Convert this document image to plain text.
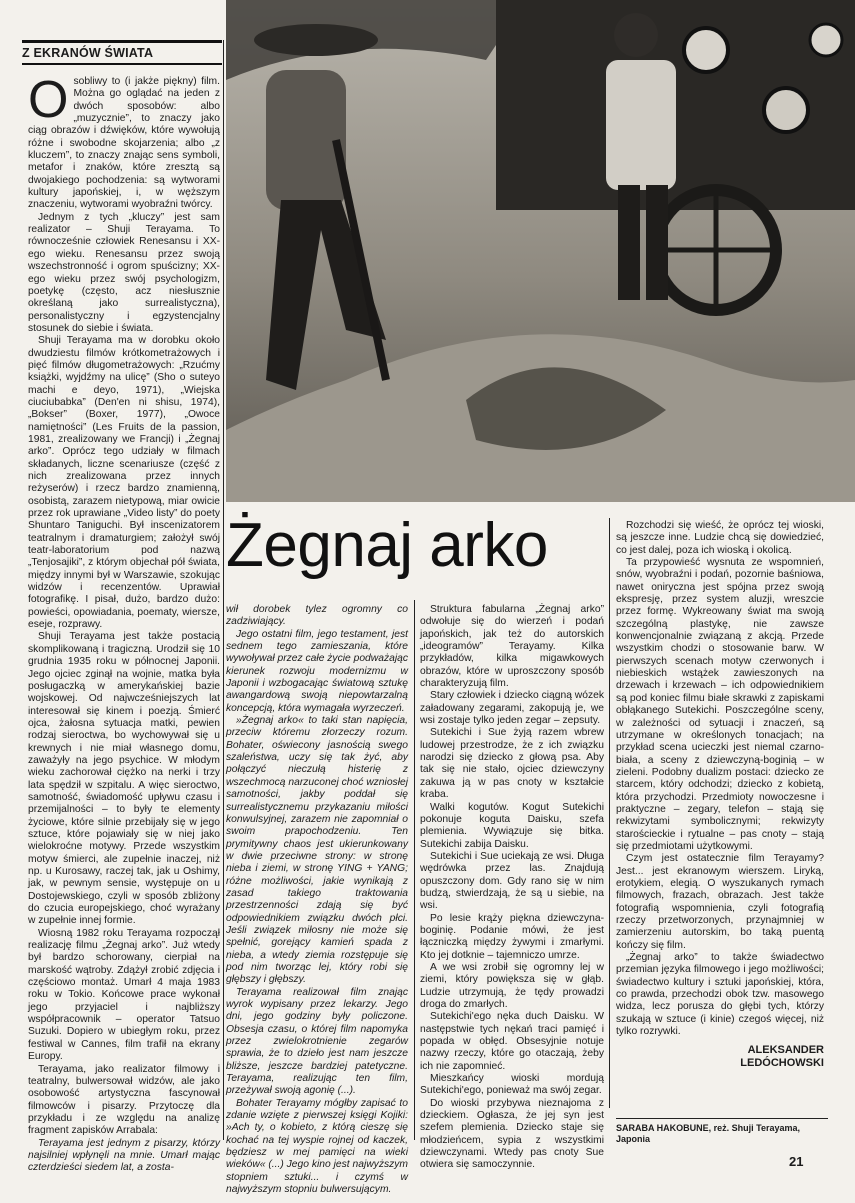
Z EKRANÓW ŚWIATA

Osobliwy to (i jakże piękny) film. Można go oglądać na jeden z dwóch sposobów: albo „muzycznie”, to znaczy jako ciąg obrazów i dźwięków, które wywołują różne i swobodne skojarzenia; albo „z kluczem”, to znaczy znając sens symboli, metafor i znaków, które zresztą są dwojakiego pochodzenia: są wytworami kultury japońskiej, i, w węższym znaczeniu, wytworami wyobraźni twórcy.

Jednym z tych „kluczy” jest sam realizator – Shuji Terayama. To równocześnie człowiek Renesansu i XX-ego wieku. Renesansu przez swoją wszechstronność i ogrom spuścizny; XX-ego wieku przez swój psychologizm, poetykę (często, acz niesłusznie określaną jako surrealistyczna), personalistyczny i egzystencjalny stosunek do siebie i świata.

Shuji Terayama ma w dorobku około dwudziestu filmów krótkometrażowych i pięć filmów długometrażowych: „Rzućmy książki, wyjdźmy na ulicę” (Sho o suteyo machi e deyo, 1971), „Wiejska ciuciubabka” (Den'en ni shisu, 1974), „Bokser” (Boxer, 1977), „Owoce namiętności” (Les Fruits de la passion, 1981, zrealizowany we Francji) i „Żegnaj arko”. Oprócz tego udziały w filmach składanych, liczne scenariusze (część z nich zrealizowana przez innych reżyserów) i rzecz bardzo znamienną, osobistą, zarazem nietypową, miar owicie przez rok uprawiane „Video listy” do poety Shuntaro Taniguchi. Był inscenizatorem teatralnym i dramaturgiem; założył swój teatr-laboratorium pod nazwą „Tenjosajiki”, z którym objechał pół świata, między innymi był w Warszawie, szokując widzów i recenzentów. Uprawiał fotografikę. I pisał, dużo, bardzo dużo: powieści, opowiadania, poematy, wiersze, eseje, rozprawy.

Shuji Terayama jest także postacią skomplikowaną i tragiczną. Urodził się 10 grudnia 1935 roku w północnej Japonii. Jego ojciec zginął na wojnie, matka była posługaczką w amerykańskiej bazie wojskowej. Od najwcześniejszych lat interesował się kinem i poezją. Śmierć ojca, żałosna sytuacja matki, pewien rodzaj sieroctwa, bo wychowywał się u krewnych i nie miał własnego domu, zaważyły na jego psychice. W młodym wieku zachorował ciężko na nerki i trzy lata spędził w szpitalu. A więc sieroctwo, samotność, świadomość upływu czasu i przemijalności – to były te elementy życiowe, które silnie przebijały się w jego sztuce, które pojawiały się w niej jako wielokroćne motywy. Przede wszystkim motyw śmierci, ale zupełnie inaczej, niż np. u Kurosawy, raczej tak, jak u Oshimy, jak, w pewnym sensie, występuje on u Dostojewskiego, czyli w sposób zbliżony do czucia europejskiego, choć wyrażany w zupełnie innej formie.

Wiosną 1982 roku Terayama rozpoczął realizację filmu „Żegnaj arko”. Już wtedy był bardzo schorowany, cierpiał na marskość wątroby. Zdążył zrobić zdjęcia i częściowo montaż. Umarł 4 maja 1983 roku w Tokio. Końcowe prace wykonał jego przyjaciel i najbliższy współpracownik – operator Tatsuo Suzuki. Dopiero w ubiegłym roku, przez festiwal w Cannes, film trafił na ekrany Europy.

Terayama, jako realizator filmowy i teatralny, bulwersował widzów, ale jako osobowość artystyczna fascynował filmowców i pisarzy. Przytoczę dla przykładu i ze względu na analizę fragment zapisków Arrabala:

Terayama jest jednym z pisarzy, którzy najsilniej wpłynęli na mnie. Umarł mając czterdzieści siedem lat, a zosta-

Żegnaj arko

wił dorobek tylez ogromny co zadziwiający.

Jego ostatni film, jego testament, jest sednem tego zamieszania, które wywoływał przez całe życie podważając kierunek rozwoju modernizmu w Japonii i wzbogacając światową sztukę awangardową swoją niepowtarzalną koncepcją, która wymagała wyrzeczeń.

»Żegnaj arko« to taki stan napięcia, przeciw któremu złorzeczy rozum. Bohater, oświecony jasnością swego szaleństwa, uczy się tak żyć, aby połączyć nieczułą histerię z wszechmocą narzuconej choć wzniosłej samotności, jakby poddał się surrealistycznemu przykazaniu miłości konwulsyjnej, zarazem nie zapomniał o swoim prapochodzeniu. Ten prymitywny chaos jest ukierunkowany w dwie przeciwne strony: w stronę nieba i ziemi, w stronę YING + YANG; różne możliwości, jakie wynikają z zasad takiego traktowania przestrzenności zdają się być odpowiednikiem związku dwóch płci. Jeśli związek miłosny nie może się spełnić, gorejący kamień spada z nieba, a wtedy ziemia rozstępuje się pod nim tworząc lej, który robi się głębszy i głębszy.

Terayama realizował film znając wyrok wypisany przez lekarzy. Jego dni, jego godziny były policzone. Obsesja czasu, o której film napomyka przez zwielokrotnienie zegarów sprawia, że to dzieło jest nam jeszcze bliższe, jeszcze bardziej patetyczne. Terayama, realizując ten film, przeżywał swoją agonię (...).

Bohater Terayamy mógłby zapisać to zdanie wzięte z pierwszej księgi Kojiki: »Ach ty, o kobieto, z którą cieszę się kochać na tej wyspie rojnej od kaczek, będziesz w mej pamięci na wieki wieków« (...) Jego kino jest najwyższym stopniem sztuki... i czymś w najwyższym stopniu bulwersującym.

Struktura fabularna „Żegnaj arko” odwołuje się do wierzeń i podań japońskich, jak też do autorskich „ideogramów” Terayamy. Kilka przykładów, kilka migawkowych obrazów, które w uproszczony sposób charakteryzują film.

Stary człowiek i dziecko ciągną wózek załadowany zegarami, zakopują je, we wsi zostaje tylko jeden zegar – zepsuty.

Sutekichi i Sue żyją razem wbrew ludowej przestrodze, że z ich związku narodzi się dziecko z głową psa. Aby tak się nie stało, ojciec dziewczyny zakuwa ją w pas cnoty w kształcie kraba.

Walki kogutów. Kogut Sutekichi pokonuje koguta Daisku, szefa plemienia. Wywiązuje się bitka. Sutekichi zabija Daisku.

Sutekichi i Sue uciekają ze wsi. Długa wędrówka przez las. Znajdują opuszczony dom. Gdy rano się w nim budzą, stwierdzają, że są u siebie, na wsi.

Po lesie krąży piękna dziewczyna-boginię. Podanie mówi, że jest łączniczką między żywymi i zmarłymi. Kto jej dotknie – tajemniczo umrze.

A we wsi zrobił się ogromny lej w ziemi, który powiększa się w głąb. Ludzie utrzymują, że tędy prowadzi droga do zmarłych.

Sutekichi'ego nęka duch Daisku. W następstwie tych nękań traci pamięć i popada w obłęd. Obsesyjnie notuje nazwy rzeczy, które go otaczają, żeby ich nie zapomnieć.

Mieszkańcy wioski mordują Sutekichi'ego, ponieważ ma swój zegar.

Do wioski przybywa nieznajoma z dzieckiem. Ogłasza, że jej syn jest szefem plemienia. Dziecko staje się młodzieńcem, sypia z wszystkimi dziewczynami. Wtedy pas cnoty Sue otwiera się samoczynnie.

Rozchodzi się wieść, że oprócz tej wioski, są jeszcze inne. Ludzie chcą się dowiedzieć, co jest dalej, poza ich wioską i okolicą.

Ta przypowieść wysnuta ze wspomnień, snów, wyobraźni i podań, pozornie baśniowa, nawet oniryczna jest spójna przez swoją ekspresję, przez system aluzji, wreszcie przez formę. Wykreowany świat ma swoją szczególną plastykę, nie zawsze konwencjonalnie związaną z akcją. Przede wszystkim chodzi o stosowanie barw. W pierwszych scenach motyw czerwonych i niebieskich wstążek zawieszonych na drzewach i krzewach – ich odpowiednikiem są pod koniec filmu białe skrawki z zapiskami obłąkanego Sutekichi. Poszczególne sceny, w zależności od sytuacji i znaczeń, są utrzymane w określonych tonacjach; na przykład scena ucieczki jest niemal czarno-biała, a sceny z dziewczyną-boginią – w zieleni. Podobny dualizm postaci: dziecko ze starcem, który odchodzi; dziecko z kobietą, która przychodzi. Przedmioty nowoczesne i praktyczne – zegary, telefon – stają się rekwizytami symbolicznymi; rekwizyty starościeckie i rytualne – pas cnoty – stają się przedmiotami użytkowymi.

Czym jest ostatecznie film Terayamy? Jest... jest ekranowym wierszem. Liryką, erotykiem, elegią. O wyszukanych rymach filmowych, frazach, obrazach. Jest także fotografią wspomnienia, czyli fotografią rzeczy przetworzonych, przynajmniej w zamierzeniu autorskim, bo taką puentą kończy się film.

„Żegnaj arko” to także świadectwo przemian języka filmowego i jego możliwości; świadectwo kultury i sztuki japońskiej, która, co prawda, przechodzi obok tzw. masowego widza, lecz porusza do głębi tych, którzy szukają w sztuce (i kinie) czegoś więcej, niż tylko rozrywki.

ALEKSANDER
LEDÓCHOWSKI
SARABA HAKOBUNE, reż. Shuji Terayama, Japonia
21
